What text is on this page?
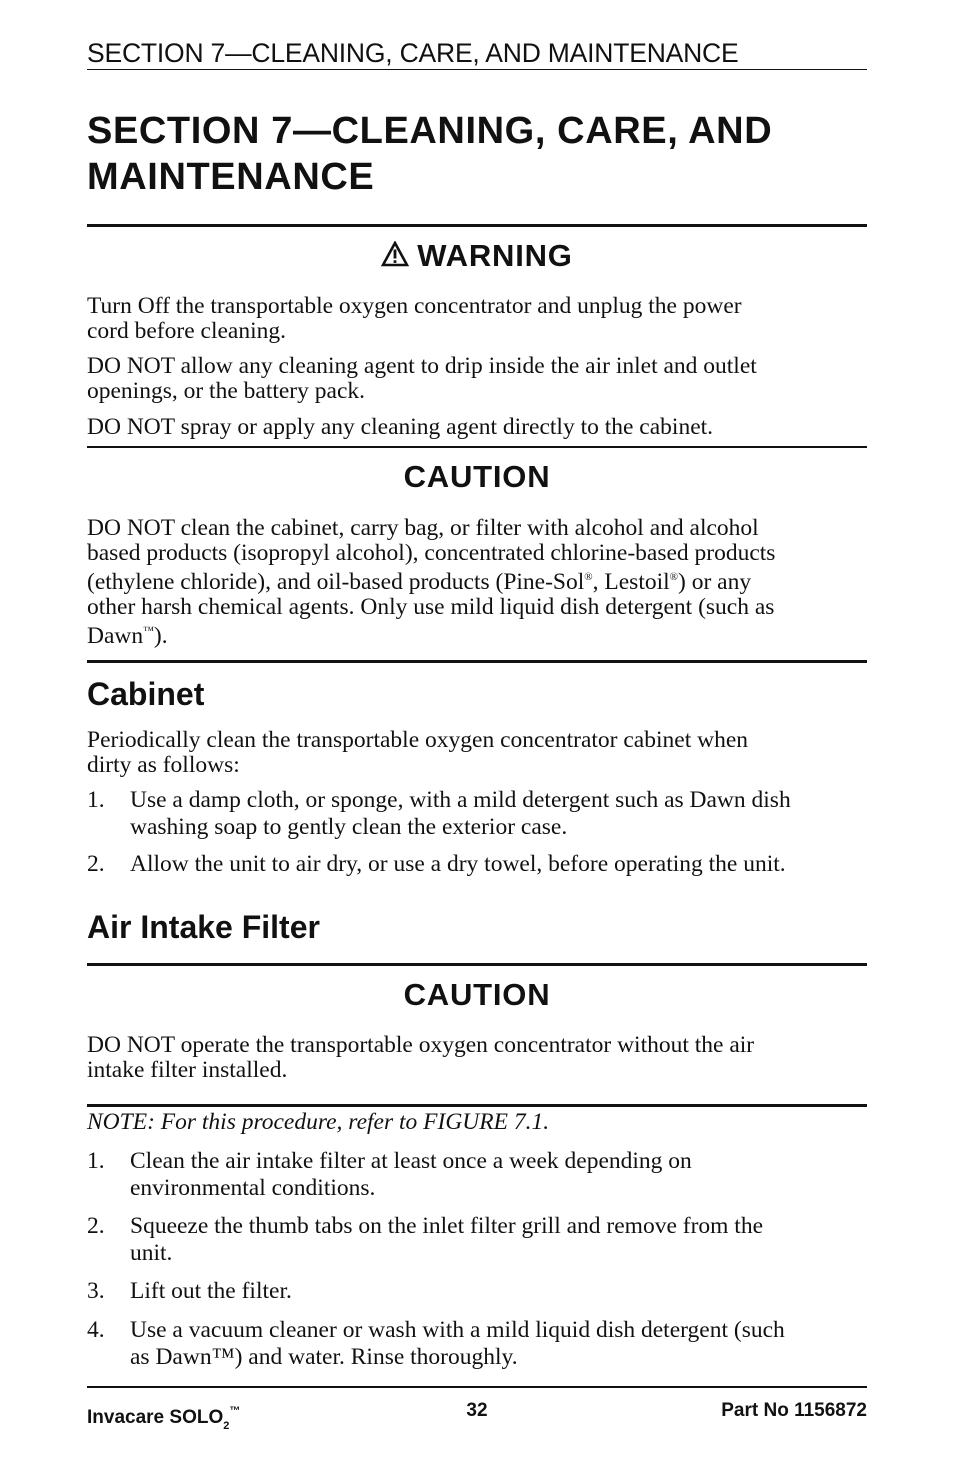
SECTION 7—CLEANING, CARE, AND MAINTENANCE
SECTION 7—CLEANING, CARE, AND
MAINTENANCE
WARNING
Turn Off the transportable oxygen concentrator and unplug the power
cord before cleaning.
DO NOT allow any cleaning agent to drip inside the air inlet and outlet
openings, or the battery pack.
DO NOT spray or apply any cleaning agent directly to the cabinet.
CAUTION
DO NOT clean the cabinet, carry bag, or filter with alcohol and alcohol
based products (isopropyl alcohol), concentrated chlorine-based products
(ethylene chloride), and oil-based products (Pine-Sol®, Lestoil®) or any
other harsh chemical agents. Only use mild liquid dish detergent (such as
Dawn™).
Cabinet
Periodically clean the transportable oxygen concentrator cabinet when
dirty as follows:
1. Use a damp cloth, or sponge, with a mild detergent such as Dawn dish
washing soap to gently clean the exterior case.
2. Allow the unit to air dry, or use a dry towel, before operating the unit.
Air Intake Filter
CAUTION
DO NOT operate the transportable oxygen concentrator without the air
intake filter installed.
NOTE: For this procedure, refer to FIGURE 7.1.
1. Clean the air intake filter at least once a week depending on
environmental conditions.
2. Squeeze the thumb tabs on the inlet filter grill and remove from the
unit.
3. Lift out the filter.
4. Use a vacuum cleaner or wash with a mild liquid dish detergent (such
as Dawn™) and water. Rinse thoroughly.
Invacare $SOLO_2™$	32	Part No 1156872
